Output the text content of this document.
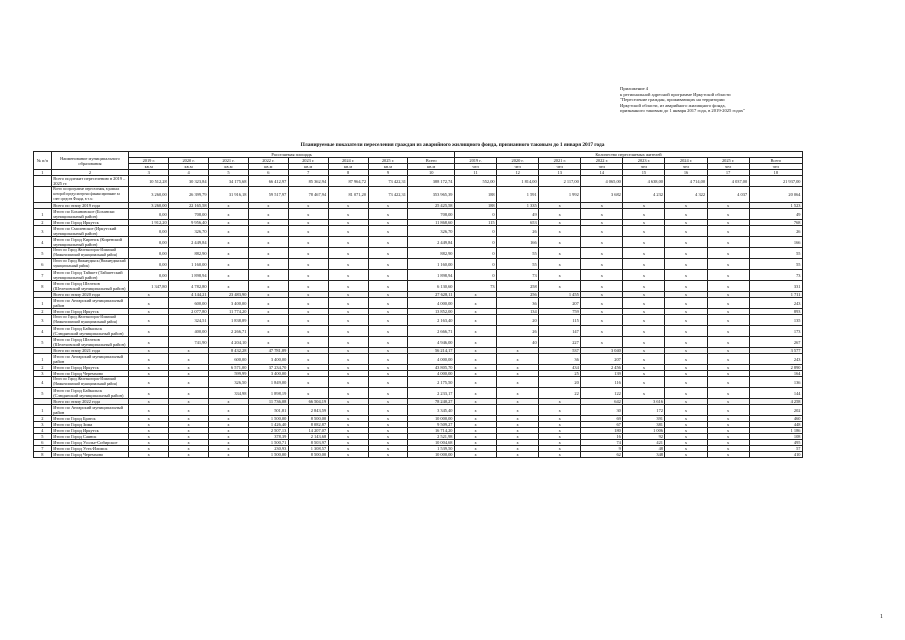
Приложение 4
к региональной адресной программе Иркутской области
"Переселение граждан, проживающих на территории
Иркутской области, из аварийного жилищного фонда,
признанного таковым до 1 января 2017 года, в 2019-2025 годах"
Планируемые показатели переселения граждан из аварийного жилищного фонда, признанного таковым до 1 января 2017 года
№ п/п	Наименование муниципального образования	Расселяемая площадь								Количество переселяемых жителей							
		2019 г.	2020 г.	2021 г.	2022 г.	2023 г.	2024 г.	2025 г.	Всего	2019 г.	2020 г.	2021 г.	2022 г.	2023 г.	2024 г.	2025 г.	Всего
		кв.м	кв.м	кв.м	кв.м	кв.м	кв.м	кв.м	кв.м	чел	чел	чел	чел	чел	чел	чел	чел
1	2	3	4	5	6	7	8	9	10	11	12	13	14	15	16	17	18
	Всего подлежит переселению в 2019 – 2025 гг.	10 512,28	30 323,84	34 175,68	66 412,97	85 362,94	87 964,72	73 422,31	388 172,74	552,00	1 814,00	2 117,00	4 065,00	4 638,00	4 714,00	4 037,00	21 937,00
	Всего по программе переселения, в рамках которой предусмотрено финансирование за счет средств Фонда, в т.ч.:	3 260,00	26 399,79	31 916,18	59 517,97	78 467,94	81 071,20	73 422,31	353 965,39	188	1 591	1 992	3 682	4 232	4 322	4 037	20 064
	Всего по этапу 2019 года	3 260,00	22 165,58	x	x	x	x	x	25 425,58	188	1 335	x	x	x	x	x	1 523
1	Итого по Бохановское (Бохански муниципальный район)	0,00	708,00	x	x	x	x	x	708,00	0	49	x	x	x	x	x	49
2	Итого по Город Иркутск	1 912,20	9 956,40	x	x	x	x	x	11 868,60	115	653	x	x	x	x	x	768
3	Итого по Смоленское (Иркутский муниципальный район)	0,00	326,70	x	x	x	x	x	326,70	0	26	x	x	x	x	x	26
4	Итого по Город Киренск (Киренский муниципальный район)	0,00	2 449,84	x	x	x	x	x	2 449,84	0	166	x	x	x	x	x	166
5	Итого по Город Железногорск-Илимский (Нижнеилимский муниципальный район)	0,00	882,90	x	x	x	x	x	882,90	0	55	x	x	x	x	x	55
6	Итого по Город Нижнеудинск (Нижнеудинский муниципальный район)	0,00	1 160,00	x	x	x	x	x	1 160,00	0	55	x	x	x	x	x	55
7	Итого по Город Тайшет (Тайшетский муниципальный район)	0,00	1 898,94	x	x	x	x	x	1 898,94	0	73	x	x	x	x	x	73
8	Итого по Город Шелехов (Шелеховский муниципальный район)	1 347,80	4 782,80	x	x	x	x	x	6 130,60	73	258	x	x	x	x	x	331
	Всего по этапу 2020 года	x	4 144,21	23 483,90	x	x	x	x	27 628,11	x	256	1 455	x	x	x	x	1 711
1	Итого по Ангарский муниципальный район	x	600,00	3 400,00	x	x	x	x	4 000,00	x	36	207	x	x	x	x	243
2	Итого по Город Иркутск	x	2 077,80	11 774,20	x	x	x	x	13 852,00	x	134	759	x	x	x	x	893
3	Итого по Город Железногорск-Илимский (Нижнеилимский муниципальный район)	x	324,51	1 838,89	x	x	x	x	2 163,40	x	20	115	x	x	x	x	135
4	Итого по Город Байкальск (Слюдянский муниципальный район)	x	400,00	2 266,71	x	x	x	x	2 666,71	x	26	147	x	x	x	x	173
5	Итого по Город Шелехов (Шелеховский муниципальный район)	x	741,90	4 204,10	x	x	x	x	4 946,00	x	40	227	x	x	x	x	267
	Всего по этапу 2021 года	x	x	8 432,28	47 781,89	x	x	x	56 214,17	x	x	537	3 040	x	x	x	3 577
1	Итого по Ангарский муниципальный район	x	x	600,00	3 400,00	x	x	x	4 000,00	x	x	36	207	x	x	x	243
2	Итого по Город Иркутск	x	x	6 571,00	37 234,70	x	x	x	43 805,70	x	x	434	2 456	x	x	x	2 890
3	Итого по Город Черемхово	x	x	599,99	3 400,00	x	x	x	4 000,00	x	x	25	139	x	x	x	164
4	Итого по Город Железногорск-Илимский (Нижнеилимский муниципальный район)	x	x	326,50	1 849,00	x	x	x	2 175,50	x	x	20	116	x	x	x	136
5	Итого по Город Байкальск (Слюдянский муниципальный район)	x	x	334,98	1 898,19	x	x	x	2 233,17	x	x	22	122	x	x	x	144
	Всего по этапу 2022 года	x	x	x	11 736,08	66 504,19	x	x	78 240,27	x	x	x	642	3 616	x	x	4 258
1	Итого по Ангарский муниципальный район	x	x	x	501,81	2 843,59	x	x	3 345,40	x	x	x	30	172	x	x	202
2	Итого по Город Братск	x	x	x	1 500,00	8 500,00	x	x	10 000,00	x	x	x	69	391	x	x	460
3	Итого по Город Зима	x	x	x	1 426,40	8 082,87	x	x	9 509,27	x	x	x	67	381	x	x	448
4	Итого по Город Иркутск	x	x	x	2 507,13	14 207,07	x	x	16 714,20	x	x	x	180	1 006	x	x	1 186
5	Итого по Город Саянск	x	x	x	378,39	2 143,68	x	x	2 521,98	x	x	x	16	92	x	x	108
6	Итого по Город Усолье-Сибирское	x	x	x	1 500,71	8 503,97	x	x	10 004,68	x	x	x	74	421	x	x	495
7	Итого по Город Усть-Илимск	x	x	x	230,93	1 308,57	x	x	1 539,50	x	x	x	9	48	x	x	57
8	Итого по Город Черемхово	x	x	x	1 500,00	8 500,00	x	x	10 000,00	x	x	x	62	348	x	x	410
1
